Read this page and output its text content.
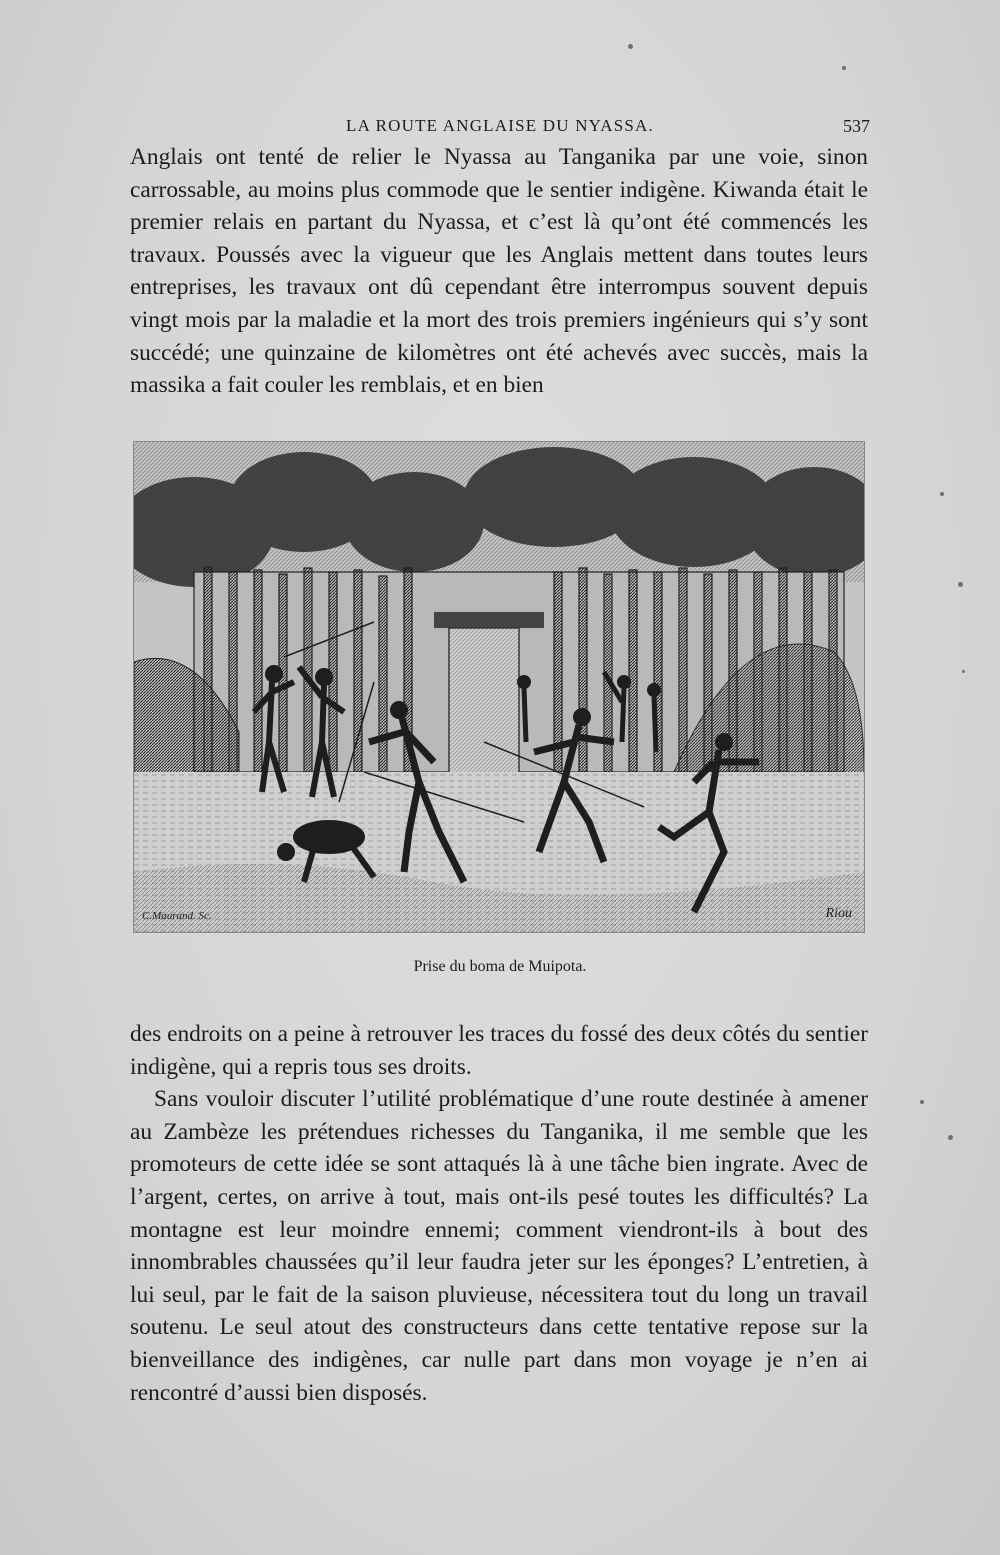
LA ROUTE ANGLAISE DU NYASSA.	537

Anglais ont tenté de relier le Nyassa au Tanganika par une voie, sinon carrossable, au moins plus commode que le sentier indigène. Kiwanda était le premier relais en partant du Nyassa, et c’est là qu’ont été commencés les travaux. Poussés avec la vigueur que les Anglais mettent dans toutes leurs entreprises, les travaux ont dû cependant être interrompus souvent depuis vingt mois par la maladie et la mort des trois premiers ingénieurs qui s’y sont succédé; une quinzaine de kilomètres ont été achevés avec succès, mais la massika a fait couler les remblais, et en bien

C.Maurand. Sc.	Riou
Prise du boma de Muipota.

des endroits on a peine à retrouver les traces du fossé des deux côtés du sentier indigène, qui a repris tous ses droits.

Sans vouloir discuter l’utilité problématique d’une route destinée à amener au Zambèze les prétendues richesses du Tanganika, il me semble que les promoteurs de cette idée se sont attaqués là à une tâche bien ingrate. Avec de l’argent, certes, on arrive à tout, mais ont-ils pesé toutes les difficultés? La montagne est leur moindre ennemi; comment viendront-ils à bout des innombrables chaussées qu’il leur faudra jeter sur les éponges? L’entretien, à lui seul, par le fait de la saison pluvieuse, nécessitera tout du long un travail soutenu. Le seul atout des constructeurs dans cette tentative repose sur la bienveillance des indigènes, car nulle part dans mon voyage je n’en ai rencontré d’aussi bien disposés.
